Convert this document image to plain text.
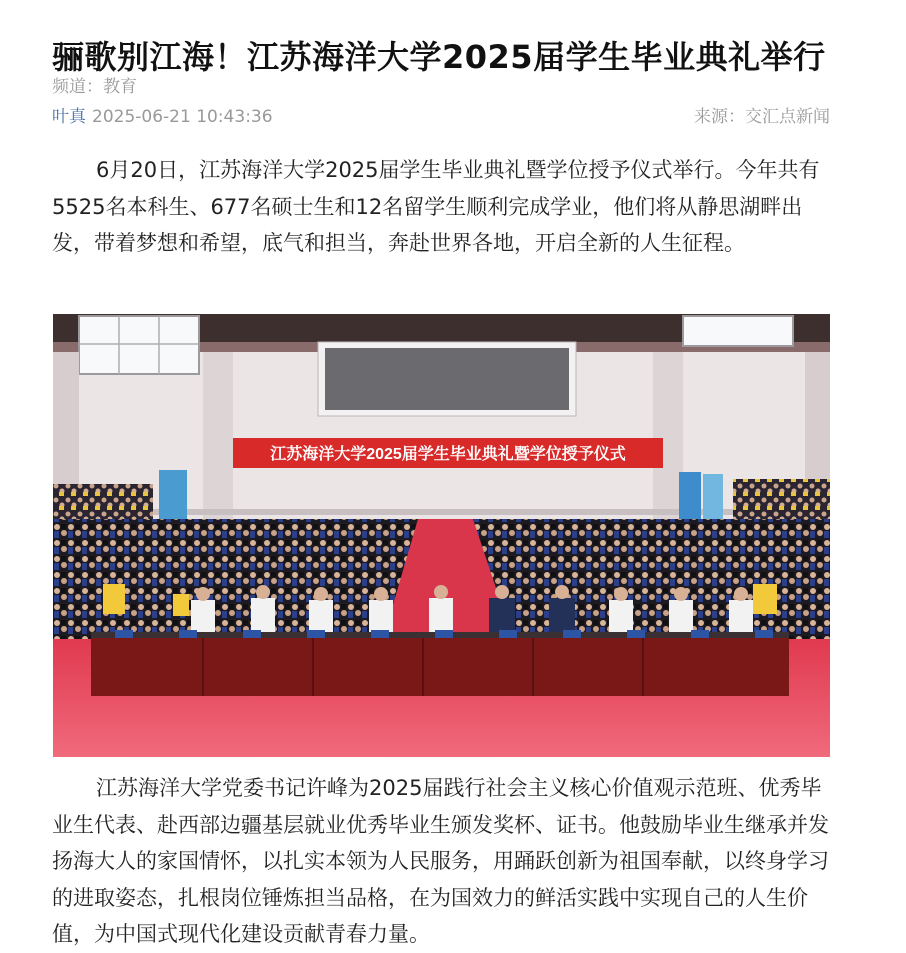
骊歌别江海！江苏海洋大学2025届学生毕业典礼举行
频道：教育
叶真 2025-06-21 10:43:36	来源：交汇点新闻

6月20日，江苏海洋大学2025届学生毕业典礼暨学位授予仪式举行。今年共有5525名本科生、677名硕士生和12名留学生顺利完成学业，他们将从静思湖畔出发，带着梦想和希望，底气和担当，奔赴世界各地，开启全新的人生征程。

江苏海洋大学2025届学生毕业典礼暨学位授予仪式

江苏海洋大学党委书记许峰为2025届践行社会主义核心价值观示范班、优秀毕业生代表、赴西部边疆基层就业优秀毕业生颁发奖杯、证书。他鼓励毕业生继承并发扬海大人的家国情怀，以扎实本领为人民服务，用踊跃创新为祖国奉献，以终身学习的进取姿态，扎根岗位锤炼担当品格，在为国效力的鲜活实践中实现自己的人生价值，为中国式现代化建设贡献青春力量。
